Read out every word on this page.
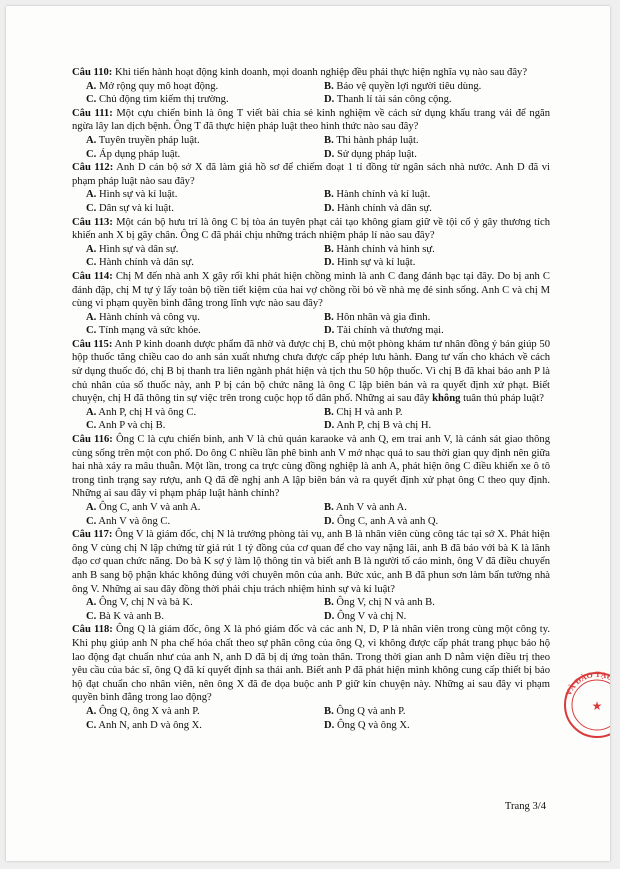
Câu 110: Khi tiến hành hoạt động kinh doanh, mọi doanh nghiệp đều phải thực hiện nghĩa vụ nào sau đây?
A. Mở rộng quy mô hoạt động.	B. Bảo vệ quyền lợi người tiêu dùng.
C. Chủ động tìm kiếm thị trường.	D. Thanh lí tài sản công cộng.
Câu 111: Một cựu chiến binh là ông T viết bài chia sẻ kinh nghiệm về cách sử dụng khẩu trang vải để ngăn ngừa lây lan dịch bệnh. Ông T đã thực hiện pháp luật theo hình thức nào sau đây?
A. Tuyên truyền pháp luật.	B. Thi hành pháp luật.
C. Áp dụng pháp luật.	D. Sử dụng pháp luật.
Câu 112: Anh D cán bộ sở X đã làm giả hồ sơ để chiếm đoạt 1 tỉ đồng từ ngân sách nhà nước. Anh D đã vi phạm pháp luật nào sau đây?
A. Hình sự và kỉ luật.	B. Hành chính và kỉ luật.
C. Dân sự và kỉ luật.	D. Hành chính và dân sự.
Câu 113: Một cán bộ hưu trí là ông C bị tòa án tuyên phạt cải tạo không giam giữ về tội cố ý gây thương tích khiến anh X bị gãy chân. Ông C đã phải chịu những trách nhiệm pháp lí nào sau đây?
A. Hình sự và dân sự.	B. Hành chính và hình sự.
C. Hành chính và dân sự.	D. Hình sự và kỉ luật.
Câu 114: Chị M đến nhà anh X gây rối khi phát hiện chồng mình là anh C đang đánh bạc tại đây. Do bị anh C đánh đập, chị M tự ý lấy toàn bộ tiền tiết kiệm của hai vợ chồng rồi bỏ về nhà mẹ đẻ sinh sống. Anh C và chị M cùng vi phạm quyền bình đẳng trong lĩnh vực nào sau đây?
A. Hành chính và công vụ.	B. Hôn nhân và gia đình.
C. Tính mạng và sức khỏe.	D. Tài chính và thương mại.
Câu 115: Anh P kinh doanh dược phẩm đã nhờ và được chị B, chủ một phòng khám tư nhân đồng ý bán giúp 50 hộp thuốc tăng chiều cao do anh sản xuất nhưng chưa được cấp phép lưu hành. Đang tư vấn cho khách về cách sử dụng thuốc đó, chị B bị thanh tra liên ngành phát hiện và tịch thu 50 hộp thuốc. Vì chị B đã khai báo anh P là chủ nhân của số thuốc này, anh P bị cán bộ chức năng là ông C lập biên bản và ra quyết định xử phạt. Biết chuyện, chị H đã thông tin sự việc trên trong cuộc họp tổ dân phố. Những ai sau đây không tuân thủ pháp luật?
A. Anh P, chị H và ông C.	B. Chị H và anh P.
C. Anh P và chị B.	D. Anh P, chị B và chị H.
Câu 116: Ông C là cựu chiến binh, anh V là chủ quán karaoke và anh Q, em trai anh V, là cảnh sát giao thông cùng sống trên một con phố. Do ông C nhiều lần phê bình anh V mở nhạc quá to sau thời gian quy định nên giữa hai nhà xảy ra mâu thuẫn. Một lần, trong ca trực cùng đồng nghiệp là anh A, phát hiện ông C điều khiển xe ô tô trong tình trạng say rượu, anh Q đã đề nghị anh A lập biên bản và ra quyết định xử phạt ông C theo quy định. Những ai sau đây vi phạm pháp luật hành chính?
A. Ông C, anh V và anh A.	B. Anh V và anh A.
C. Anh V và ông C.	D. Ông C, anh A và anh Q.
Câu 117: Ông V là giám đốc, chị N là trưởng phòng tài vụ, anh B là nhân viên cùng công tác tại sở X. Phát hiện ông V cùng chị N lập chứng từ giả rút 1 tỷ đồng của cơ quan để cho vay nặng lãi, anh B đã báo với bà K là lãnh đạo cơ quan chức năng. Do bà K sợ ý làm lộ thông tin và biết anh B là người tố cáo mình, ông V đã điều chuyển anh B sang bộ phận khác không đúng với chuyên môn của anh. Bức xúc, anh B đã phun sơn làm bẩn tường nhà ông V. Những ai sau đây đồng thời phải chịu trách nhiệm hình sự và kỉ luật?
A. Ông V, chị N và bà K.	B. Ông V, chị N và anh B.
C. Bà K và anh B.	D. Ông V và chị N.
Câu 118: Ông Q là giám đốc, ông X là phó giám đốc và các anh N, D, P là nhân viên trong cùng một công ty. Khi phụ giúp anh N pha chế hóa chất theo sự phân công của ông Q, vì không được cấp phát trang phục bảo hộ lao động đạt chuẩn như của anh N, anh D đã bị dị ứng toàn thân. Trong thời gian anh D nằm viện điều trị theo yêu cầu của bác sĩ, ông Q đã kí quyết định sa thải anh. Biết anh P đã phát hiện mình không cung cấp thiết bị bảo hộ đạt chuẩn cho nhân viên, nên ông X đã đe dọa buộc anh P giữ kín chuyện này. Những ai sau đây vi phạm quyền bình đẳng trong lao động?
A. Ông Q, ông X và anh P.	B. Ông Q và anh P.
C. Anh N, anh D và ông X.	D. Ông Q và ông X.
VÀ ĐÀO TẠO
★
Trang 3/4
